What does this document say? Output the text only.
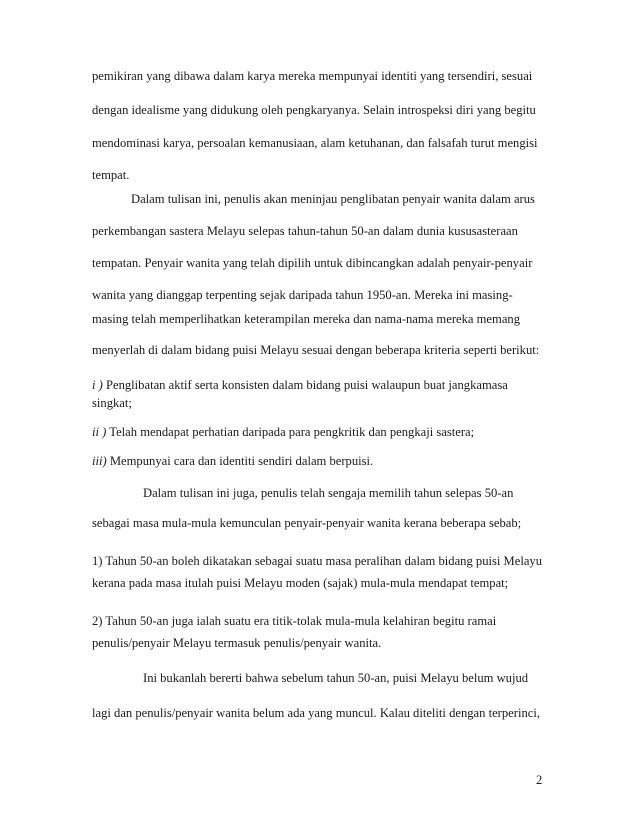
pemikiran yang dibawa dalam karya mereka mempunyai identiti yang tersendiri, sesuai
dengan idealisme yang didukung oleh pengkaryanya. Selain introspeksi diri yang begitu
mendominasi karya, persoalan kemanusiaan, alam ketuhanan, dan falsafah turut mengisi
tempat.
Dalam tulisan ini, penulis akan meninjau penglibatan penyair wanita dalam arus
perkembangan sastera Melayu selepas tahun-tahun 50-an dalam dunia kususasteraan
tempatan. Penyair wanita yang telah dipilih untuk dibincangkan adalah penyair-penyair
wanita yang dianggap terpenting sejak daripada tahun 1950-an. Mereka ini masing-
masing telah memperlihatkan keterampilan mereka dan nama-nama mereka memang
menyerlah di dalam bidang puisi Melayu sesuai dengan beberapa kriteria seperti berikut:
i ) Penglibatan aktif serta konsisten dalam bidang puisi walaupun buat jangkamasa
singkat;
ii ) Telah mendapat perhatian daripada para pengkritik dan pengkaji sastera;
iii) Mempunyai cara dan identiti sendiri dalam berpuisi.
Dalam tulisan ini juga, penulis telah sengaja memilih tahun selepas 50-an
sebagai masa mula-mula kemunculan penyair-penyair wanita kerana beberapa sebab;
1) Tahun 50-an boleh dikatakan sebagai suatu masa peralihan dalam bidang puisi Melayu
kerana pada masa itulah puisi Melayu moden (sajak) mula-mula mendapat tempat;
2) Tahun 50-an juga ialah suatu era titik-tolak mula-mula kelahiran begitu ramai
penulis/penyair Melayu termasuk penulis/penyair wanita.
Ini bukanlah bererti bahwa sebelum tahun 50-an, puisi Melayu belum wujud
lagi dan penulis/penyair wanita belum ada yang muncul. Kalau diteliti dengan terperinci,
2
